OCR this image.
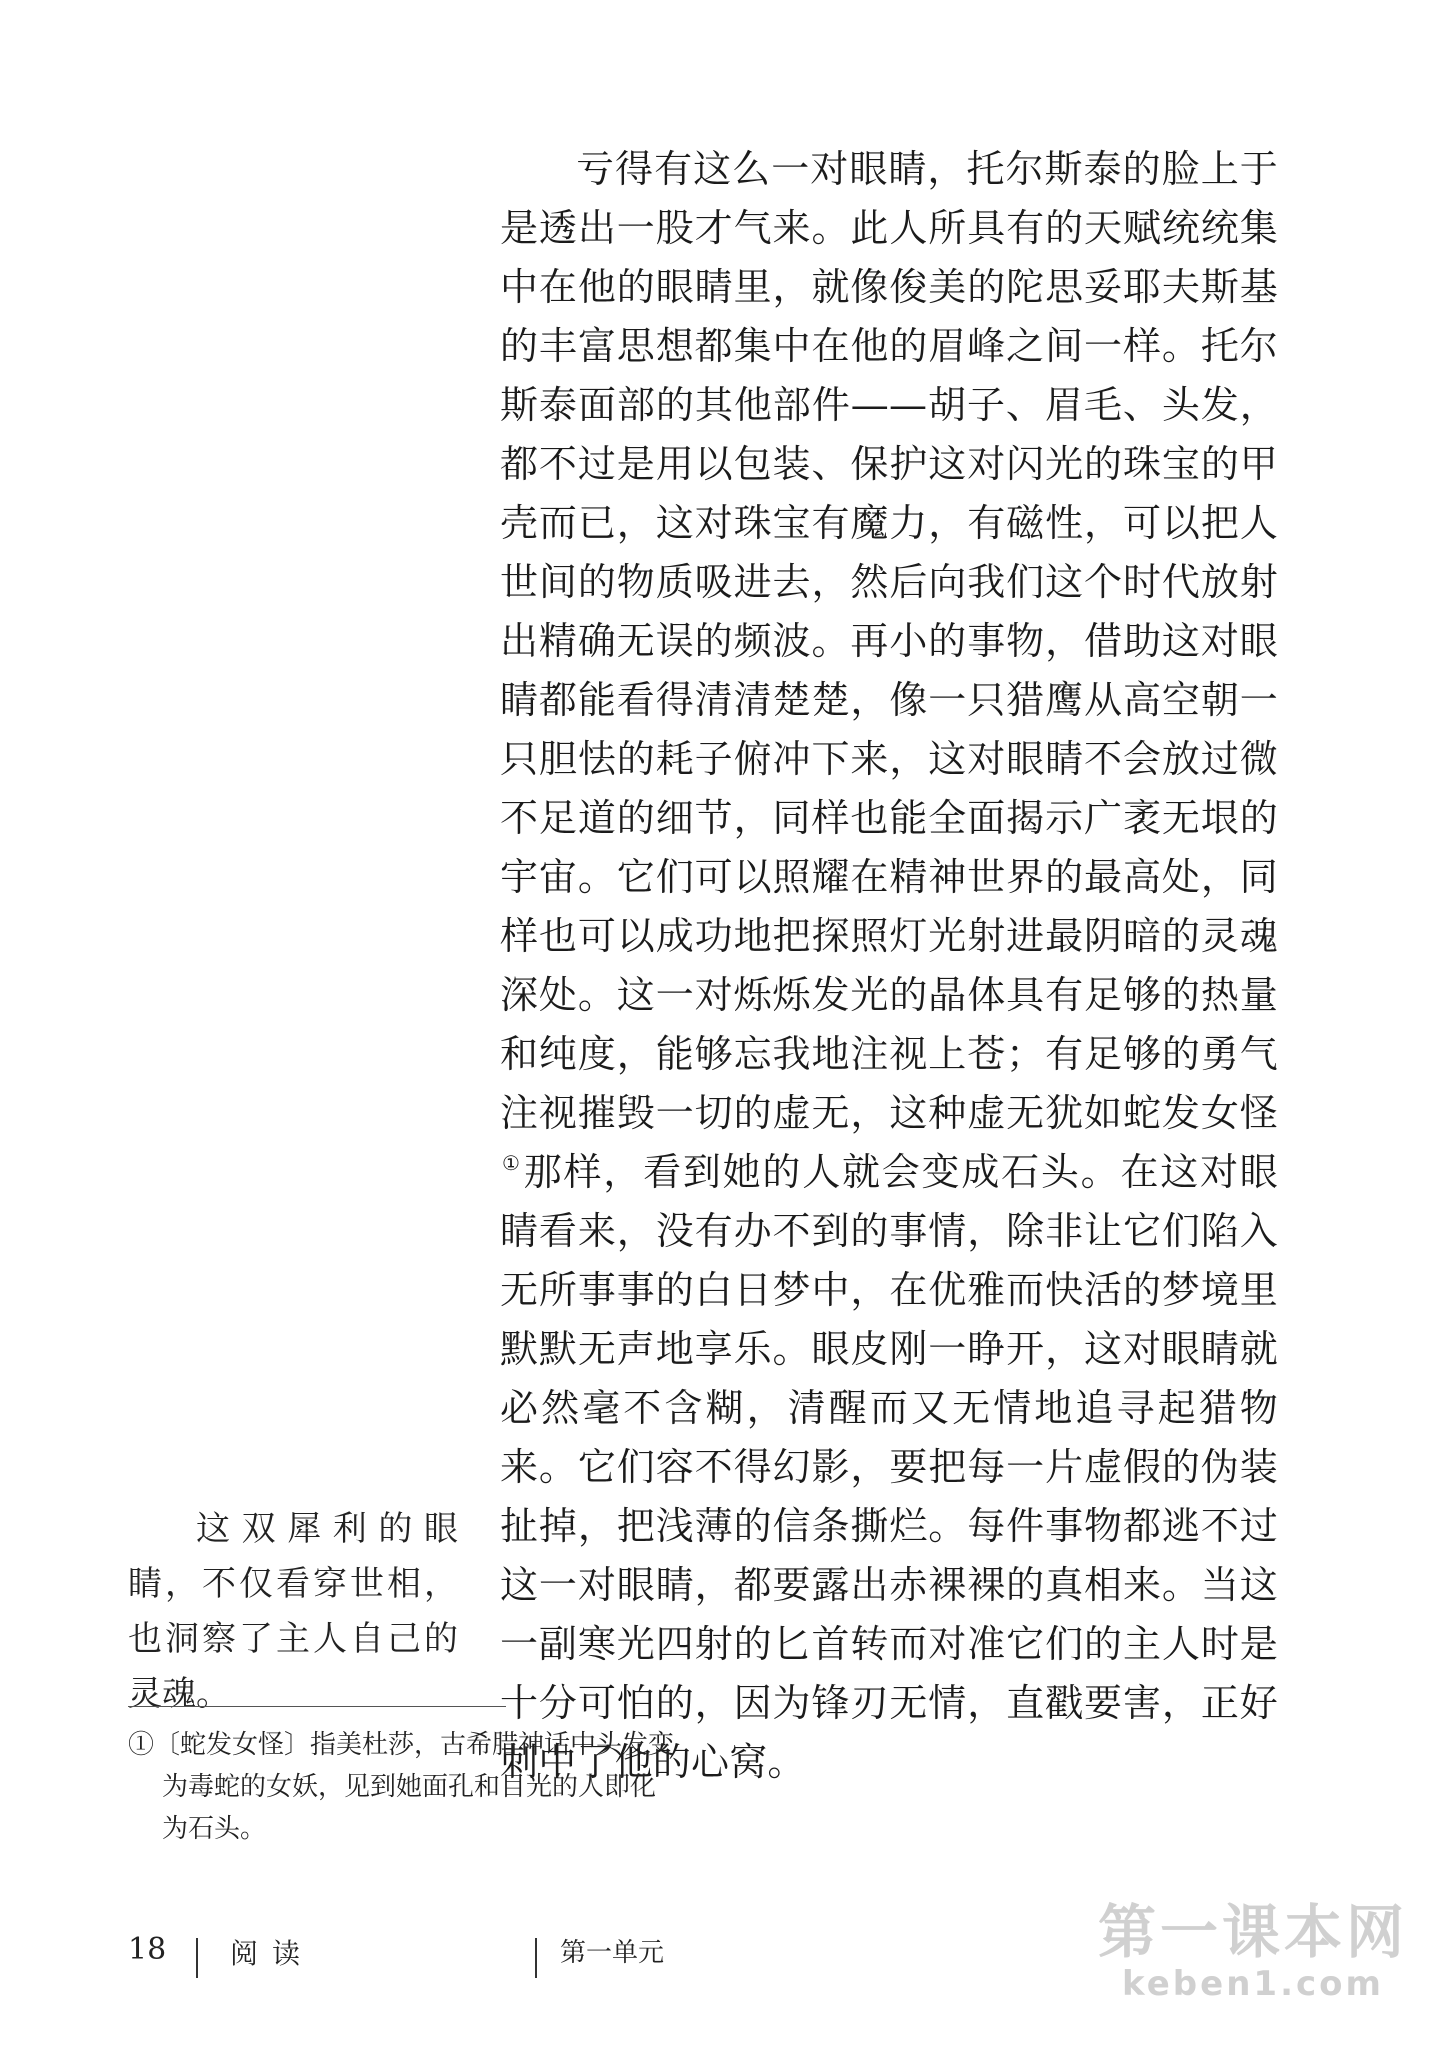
亏得有这么一对眼睛，托尔斯泰的脸上于是透出一股才气来。此人所具有的天赋统统集中在他的眼睛里，就像俊美的陀思妥耶夫斯基的丰富思想都集中在他的眉峰之间一样。托尔斯泰面部的其他部件——胡子、眉毛、头发，都不过是用以包装、保护这对闪光的珠宝的甲壳而已，这对珠宝有魔力，有磁性，可以把人世间的物质吸进去，然后向我们这个时代放射出精确无误的频波。再小的事物，借助这对眼睛都能看得清清楚楚，像一只猎鹰从高空朝一只胆怯的耗子俯冲下来，这对眼睛不会放过微不足道的细节，同样也能全面揭示广袤无垠的宇宙。它们可以照耀在精神世界的最高处，同样也可以成功地把探照灯光射进最阴暗的灵魂深处。这一对烁烁发光的晶体具有足够的热量和纯度，能够忘我地注视上苍；有足够的勇气注视摧毁一切的虚无，这种虚无犹如蛇发女怪①那样，看到她的人就会变成石头。在这对眼睛看来，没有办不到的事情，除非让它们陷入无所事事的白日梦中，在优雅而快活的梦境里默默无声地享乐。眼皮刚一睁开，这对眼睛就必然毫不含糊，清醒而又无情地追寻起猎物来。它们容不得幻影，要把每一片虚假的伪装扯掉，把浅薄的信条撕烂。每件事物都逃不过这一对眼睛，都要露出赤裸裸的真相来。当这一副寒光四射的匕首转而对准它们的主人时是十分可怕的，因为锋刃无情，直戳要害，正好刺中了他的心窝。

这双犀利的眼睛，不仅看穿世相，也洞察了主人自己的灵魂。

①〔蛇发女怪〕指美杜莎，古希腊神话中头发变
为毒蛇的女妖，见到她面孔和目光的人即化为石头。
18 阅读	第一单元	第一课本网
keben1.com
